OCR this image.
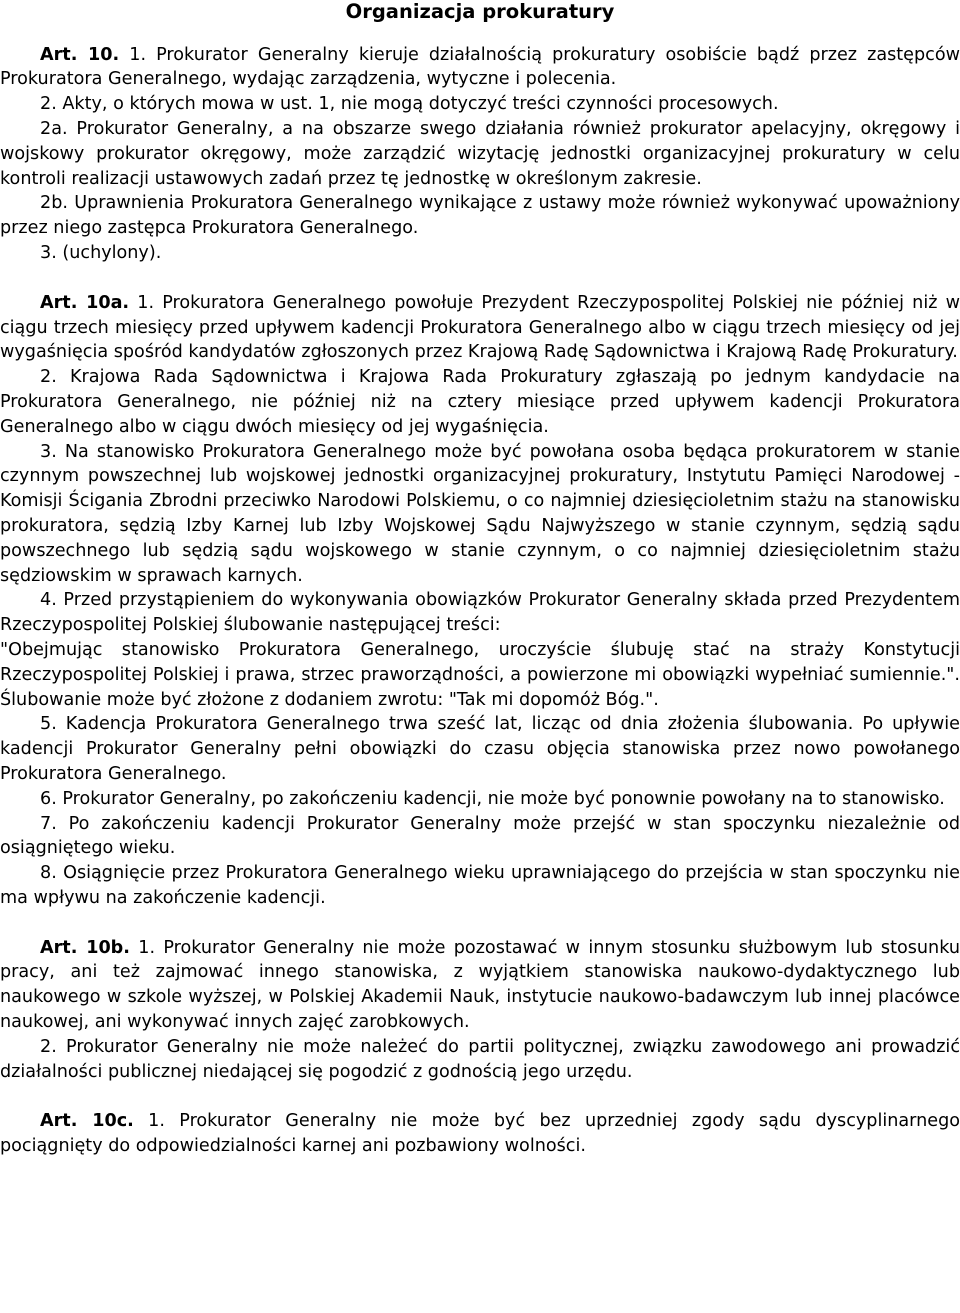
Organizacja prokuratury

Art. 10. 1. Prokurator Generalny kieruje działalnością prokuratury osobiście bądź przez zastępców Prokuratora Generalnego, wydając zarządzenia, wytyczne i polecenia.

2. Akty, o których mowa w ust. 1, nie mogą dotyczyć treści czynności procesowych.

2a. Prokurator Generalny, a na obszarze swego działania również prokurator apelacyjny, okręgowy i wojskowy prokurator okręgowy, może zarządzić wizytację jednostki organizacyjnej prokuratury w celu kontroli realizacji ustawowych zadań przez tę jednostkę w określonym zakresie.

2b. Uprawnienia Prokuratora Generalnego wynikające z ustawy może również wykonywać upoważniony przez niego zastępca Prokuratora Generalnego.

3. (uchylony).

Art. 10a. 1. Prokuratora Generalnego powołuje Prezydent Rzeczypospolitej Polskiej nie później niż w ciągu trzech miesięcy przed upływem kadencji Prokuratora Generalnego albo w ciągu trzech miesięcy od jej wygaśnięcia spośród kandydatów zgłoszonych przez Krajową Radę Sądownictwa i Krajową Radę Prokuratury.

2. Krajowa Rada Sądownictwa i Krajowa Rada Prokuratury zgłaszają po jednym kandydacie na Prokuratora Generalnego, nie później niż na cztery miesiące przed upływem kadencji Prokuratora Generalnego albo w ciągu dwóch miesięcy od jej wygaśnięcia.

3. Na stanowisko Prokuratora Generalnego może być powołana osoba będąca prokuratorem w stanie czynnym powszechnej lub wojskowej jednostki organizacyjnej prokuratury, Instytutu Pamięci Narodowej - Komisji Ścigania Zbrodni przeciwko Narodowi Polskiemu, o co najmniej dziesięcioletnim stażu na stanowisku prokuratora, sędzią Izby Karnej lub Izby Wojskowej Sądu Najwyższego w stanie czynnym, sędzią sądu powszechnego lub sędzią sądu wojskowego w stanie czynnym, o co najmniej dziesięcioletnim stażu sędziowskim w sprawach karnych.

4. Przed przystąpieniem do wykonywania obowiązków Prokurator Generalny składa przed Prezydentem Rzeczypospolitej Polskiej ślubowanie następującej treści:

"Obejmując stanowisko Prokuratora Generalnego, uroczyście ślubuję stać na straży Konstytucji Rzeczypospolitej Polskiej i prawa, strzec praworządności, a powierzone mi obowiązki wypełniać sumiennie.". Ślubowanie może być złożone z dodaniem zwrotu: "Tak mi dopomóż Bóg.".

5. Kadencja Prokuratora Generalnego trwa sześć lat, licząc od dnia złożenia ślubowania. Po upływie kadencji Prokurator Generalny pełni obowiązki do czasu objęcia stanowiska przez nowo powołanego Prokuratora Generalnego.

6. Prokurator Generalny, po zakończeniu kadencji, nie może być ponownie powołany na to stanowisko.

7. Po zakończeniu kadencji Prokurator Generalny może przejść w stan spoczynku niezależnie od osiągniętego wieku.

8. Osiągnięcie przez Prokuratora Generalnego wieku uprawniającego do przejścia w stan spoczynku nie ma wpływu na zakończenie kadencji.

Art. 10b. 1. Prokurator Generalny nie może pozostawać w innym stosunku służbowym lub stosunku pracy, ani też zajmować innego stanowiska, z wyjątkiem stanowiska naukowo-dydaktycznego lub naukowego w szkole wyższej, w Polskiej Akademii Nauk, instytucie naukowo-badawczym lub innej placówce naukowej, ani wykonywać innych zajęć zarobkowych.

2. Prokurator Generalny nie może należeć do partii politycznej, związku zawodowego ani prowadzić działalności publicznej niedającej się pogodzić z godnością jego urzędu.

Art. 10c. 1. Prokurator Generalny nie może być bez uprzedniej zgody sądu dyscyplinarnego pociągnięty do odpowiedzialności karnej ani pozbawiony wolności.
